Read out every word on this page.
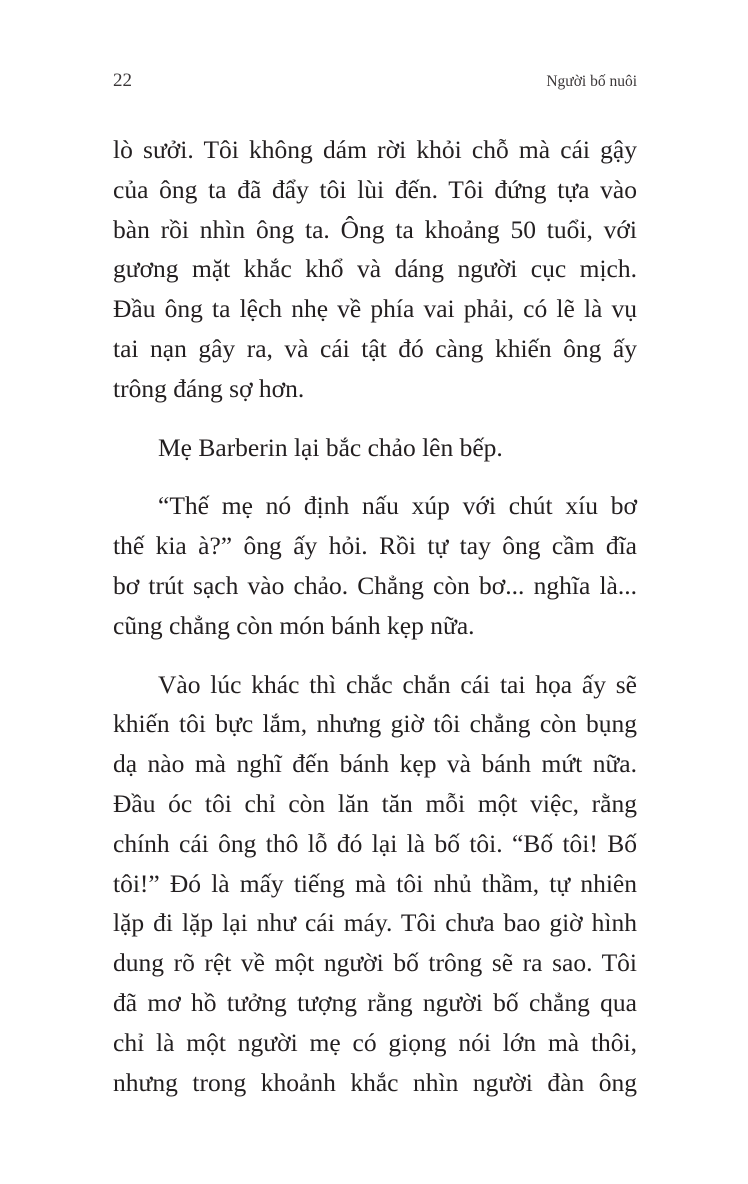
22	Người bố nuôi
lò sưởi. Tôi không dám rời khỏi chỗ mà cái gậy
của ông ta đã đẩy tôi lùi đến. Tôi đứng tựa vào
bàn rồi nhìn ông ta. Ông ta khoảng 50 tuổi, với
gương mặt khắc khổ và dáng người cục mịch.
Đầu ông ta lệch nhẹ về phía vai phải, có lẽ là vụ
tai nạn gây ra, và cái tật đó càng khiến ông ấy
trông đáng sợ hơn.
Mẹ Barberin lại bắc chảo lên bếp.
“Thế mẹ nó định nấu xúp với chút xíu bơ
thế kia à?” ông ấy hỏi. Rồi tự tay ông cầm đĩa
bơ trút sạch vào chảo. Chẳng còn bơ... nghĩa là...
cũng chẳng còn món bánh kẹp nữa.
Vào lúc khác thì chắc chắn cái tai họa ấy sẽ
khiến tôi bực lắm, nhưng giờ tôi chẳng còn bụng
dạ nào mà nghĩ đến bánh kẹp và bánh mứt nữa.
Đầu óc tôi chỉ còn lăn tăn mỗi một việc, rằng
chính cái ông thô lỗ đó lại là bố tôi. “Bố tôi! Bố
tôi!” Đó là mấy tiếng mà tôi nhủ thầm, tự nhiên
lặp đi lặp lại như cái máy. Tôi chưa bao giờ hình
dung rõ rệt về một người bố trông sẽ ra sao. Tôi
đã mơ hồ tưởng tượng rằng người bố chẳng qua
chỉ là một người mẹ có giọng nói lớn mà thôi,
nhưng trong khoảnh khắc nhìn người đàn ông
